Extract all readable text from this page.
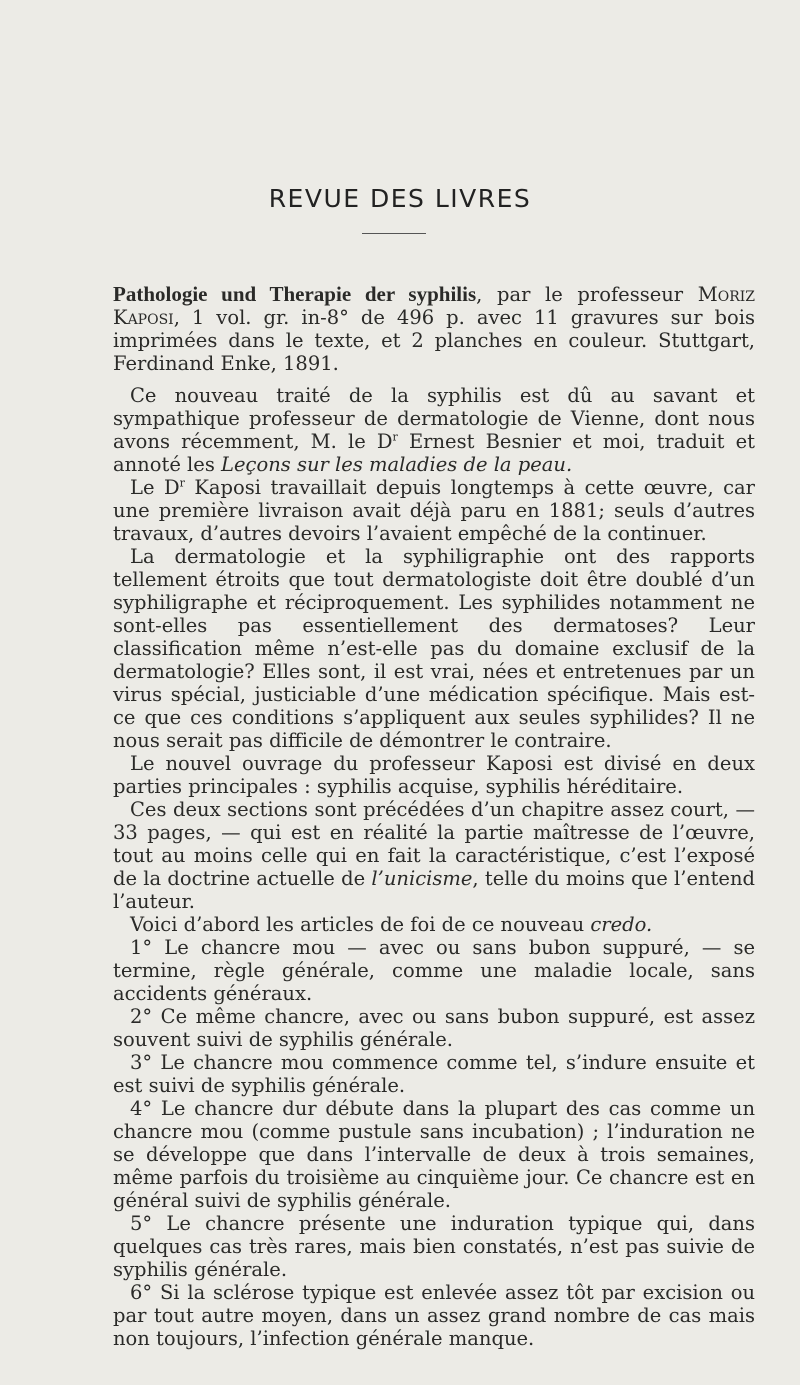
REVUE DES LIVRES

Pathologie und Therapie der syphilis, par le professeur Moriz Kaposi, 1 vol. gr. in-8° de 496 p. avec 11 gravures sur bois imprimées dans le texte, et 2 planches en couleur. Stuttgart, Ferdinand Enke, 1891.

Ce nouveau traité de la syphilis est dû au savant et sympathique professeur de dermatologie de Vienne, dont nous avons récemment, M. le $D^r$ Ernest Besnier et moi, traduit et annoté les Leçons sur les maladies de la peau.

Le $D^r$ Kaposi travaillait depuis longtemps à cette œuvre, car une première livraison avait déjà paru en 1881; seuls d’autres travaux, d’autres devoirs l’avaient empêché de la continuer.

La dermatologie et la syphiligraphie ont des rapports tellement étroits que tout dermatologiste doit être doublé d’un syphiligraphe et réciproquement. Les syphilides notamment ne sont-elles pas essentiellement des dermatoses? Leur classification même n’est-elle pas du domaine exclusif de la dermatologie? Elles sont, il est vrai, nées et entretenues par un virus spécial, justiciable d’une médication spécifique. Mais est-ce que ces conditions s’appliquent aux seules syphilides? Il ne nous serait pas difficile de démontrer le contraire.

Le nouvel ouvrage du professeur Kaposi est divisé en deux parties principales : syphilis acquise, syphilis héréditaire.

Ces deux sections sont précédées d’un chapitre assez court, — 33 pages, — qui est en réalité la partie maîtresse de l’œuvre, tout au moins celle qui en fait la caractéristique, c’est l’exposé de la doctrine actuelle de l’unicisme, telle du moins que l’entend l’auteur.

Voici d’abord les articles de foi de ce nouveau credo.

1° Le chancre mou — avec ou sans bubon suppuré, — se termine, règle générale, comme une maladie locale, sans accidents généraux.

2° Ce même chancre, avec ou sans bubon suppuré, est assez souvent suivi de syphilis générale.

3° Le chancre mou commence comme tel, s’indure ensuite et est suivi de syphilis générale.

4° Le chancre dur débute dans la plupart des cas comme un chancre mou (comme pustule sans incubation) ; l’induration ne se développe que dans l’intervalle de deux à trois semaines, même parfois du troisième au cinquième jour. Ce chancre est en général suivi de syphilis générale.

5° Le chancre présente une induration typique qui, dans quelques cas très rares, mais bien constatés, n’est pas suivie de syphilis générale.

6° Si la sclérose typique est enlevée assez tôt par excision ou par tout autre moyen, dans un assez grand nombre de cas mais non toujours, l’infection générale manque.
